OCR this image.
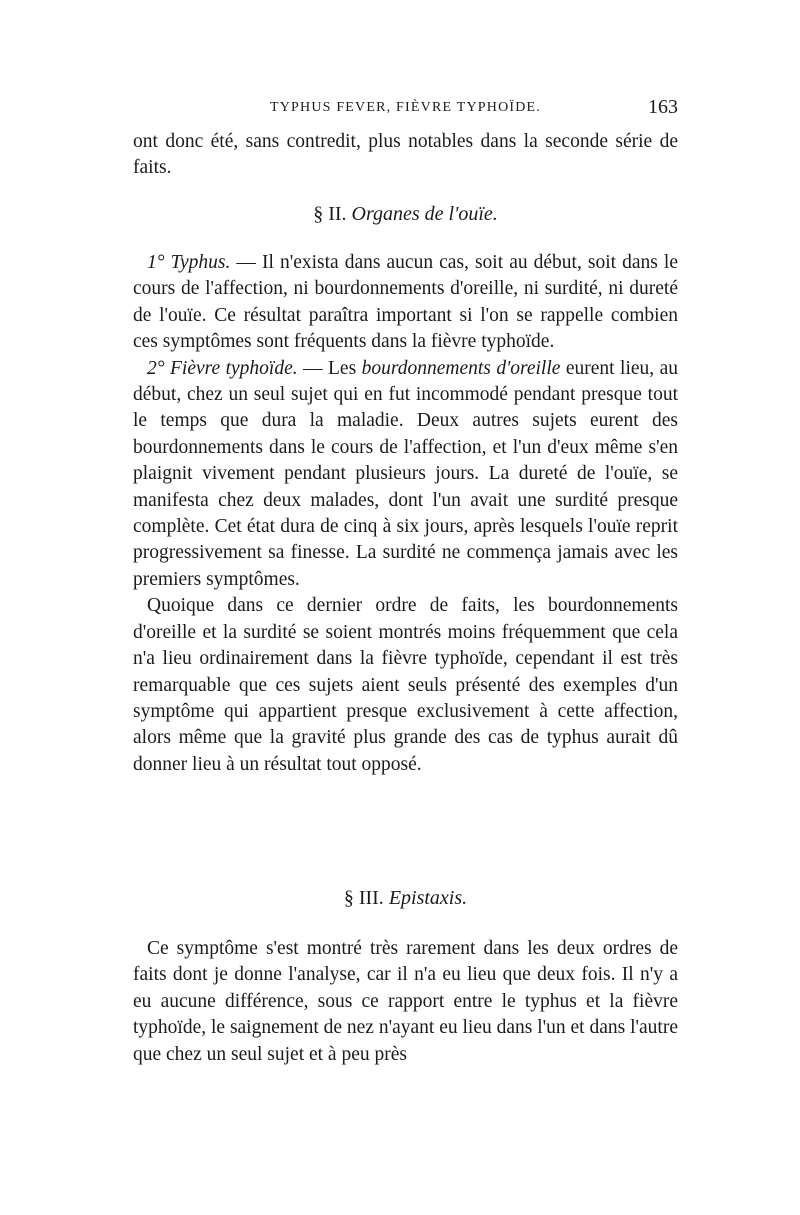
TYPHUS FEVER, FIÈVRE TYPHOÏDE.	163

ont donc été, sans contredit, plus notables dans la seconde série de faits.

§ II. Organes de l'ouïe.

1° Typhus. — Il n'exista dans aucun cas, soit au début, soit dans le cours de l'affection, ni bourdonnements d'oreille, ni surdité, ni dureté de l'ouïe. Ce résultat paraîtra important si l'on se rappelle combien ces symptômes sont fréquents dans la fièvre typhoïde.

2° Fièvre typhoïde. — Les bourdonnements d'oreille eurent lieu, au début, chez un seul sujet qui en fut incommodé pendant presque tout le temps que dura la maladie. Deux autres sujets eurent des bourdonnements dans le cours de l'affection, et l'un d'eux même s'en plaignit vivement pendant plusieurs jours. La dureté de l'ouïe, se manifesta chez deux malades, dont l'un avait une surdité presque complète. Cet état dura de cinq à six jours, après lesquels l'ouïe reprit progressivement sa finesse. La surdité ne commença jamais avec les premiers symptômes.

Quoique dans ce dernier ordre de faits, les bourdonnements d'oreille et la surdité se soient montrés moins fréquemment que cela n'a lieu ordinairement dans la fièvre typhoïde, cependant il est très remarquable que ces sujets aient seuls présenté des exemples d'un symptôme qui appartient presque exclusivement à cette affection, alors même que la gravité plus grande des cas de typhus aurait dû donner lieu à un résultat tout opposé.

§ III. Epistaxis.

Ce symptôme s'est montré très rarement dans les deux ordres de faits dont je donne l'analyse, car il n'a eu lieu que deux fois. Il n'y a eu aucune différence, sous ce rapport entre le typhus et la fièvre typhoïde, le saignement de nez n'ayant eu lieu dans l'un et dans l'autre que chez un seul sujet et à peu près
